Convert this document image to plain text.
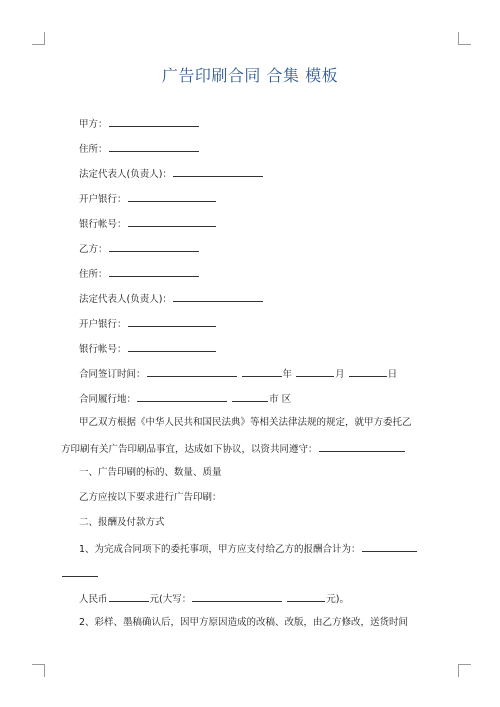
广告印刷合同 合集 模板
甲方：
住所：
法定代表人(负责人)：
开户银行：
银行帐号：
乙方：
住所：
法定代表人(负责人)：
开户银行：
银行帐号：
合同签订时间：	年	月	日
合同履行地：	市 区
甲乙双方根据《中华人民共和国民法典》等相关法律法规的规定，就甲方委托乙
方印刷有关广告印刷品事宜，达成如下协议，以资共同遵守：
一、广告印刷的标的、数量、质量
乙方应按以下要求进行广告印刷：
二、报酬及付款方式
1、为完成合同项下的委托事项，甲方应支付给乙方的报酬合计为：
人民币	元(大写：	元)。
2、彩样、墨稿确认后，因甲方原因造成的改稿、改版，由乙方修改，送货时间
